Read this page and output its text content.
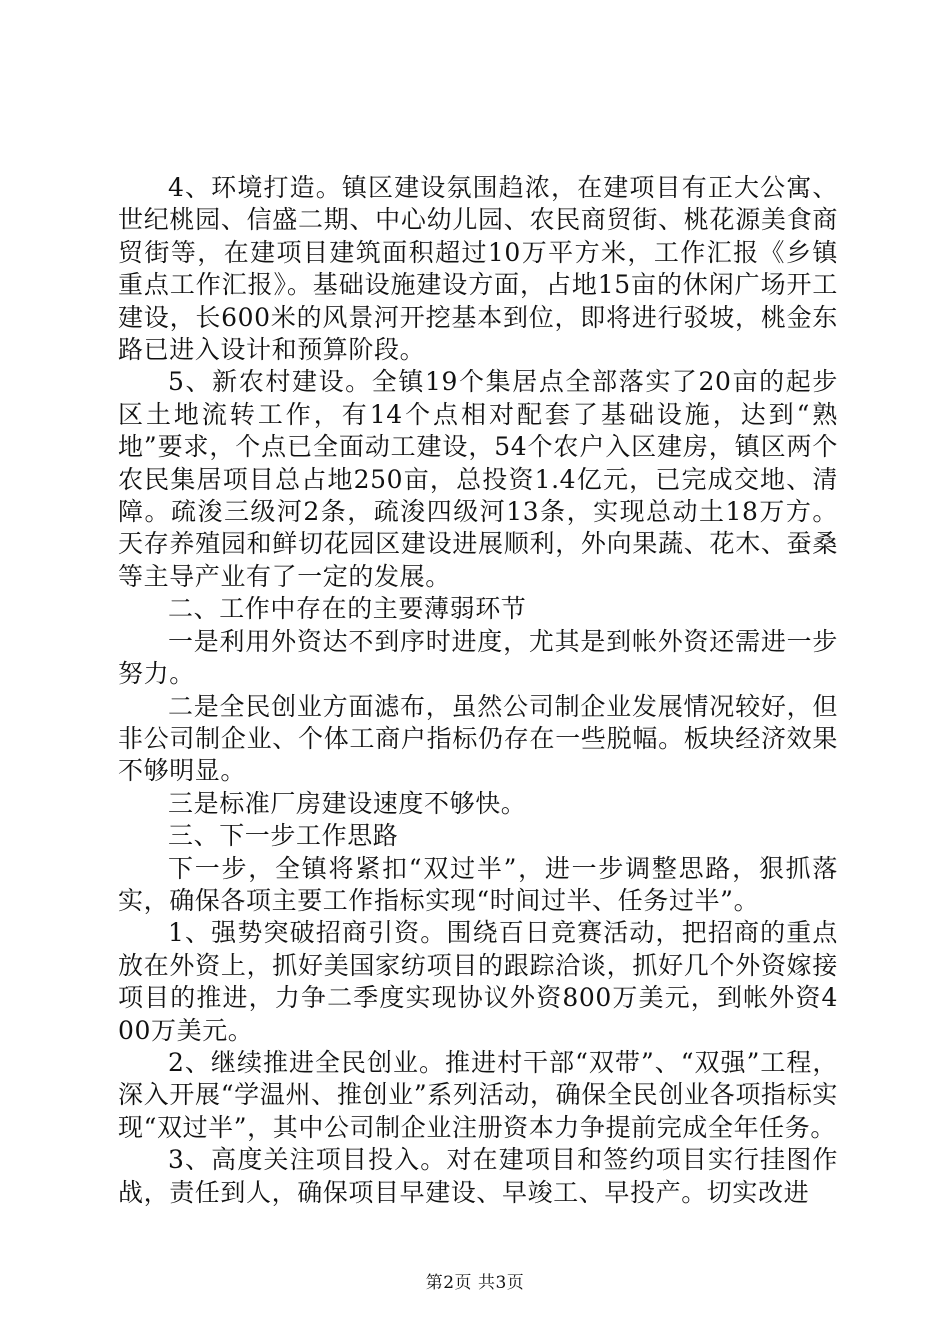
4、环境打造。镇区建设氛围趋浓，在建项目有正大公寓、世纪桃园、信盛二期、中心幼儿园、农民商贸街、桃花源美食商贸街等，在建项目建筑面积超过10万平方米，工作汇报《乡镇重点工作汇报》。基础设施建设方面，占地15亩的休闲广场开工建设，长600米的风景河开挖基本到位，即将进行驳坡，桃金东路已进入设计和预算阶段。

5、新农村建设。全镇19个集居点全部落实了20亩的起步区土地流转工作，有14个点相对配套了基础设施，达到“熟地”要求，个点已全面动工建设，54个农户入区建房，镇区两个农民集居项目总占地250亩，总投资1.4亿元，已完成交地、清障。疏浚三级河2条，疏浚四级河13条，实现总动土18万方。天存养殖园和鲜切花园区建设进展顺利，外向果蔬、花木、蚕桑等主导产业有了一定的发展。

二、工作中存在的主要薄弱环节

一是利用外资达不到序时进度，尤其是到帐外资还需进一步努力。

二是全民创业方面滤布，虽然公司制企业发展情况较好，但非公司制企业、个体工商户指标仍存在一些脱幅。板块经济效果不够明显。

三是标准厂房建设速度不够快。

三、下一步工作思路

下一步，全镇将紧扣“双过半”，进一步调整思路，狠抓落实，确保各项主要工作指标实现“时间过半、任务过半”。

1、强势突破招商引资。围绕百日竞赛活动，把招商的重点放在外资上，抓好美国家纺项目的跟踪洽谈，抓好几个外资嫁接项目的推进，力争二季度实现协议外资800万美元，到帐外资400万美元。

2、继续推进全民创业。推进村干部“双带”、“双强”工程，深入开展“学温州、推创业”系列活动，确保全民创业各项指标实现“双过半”，其中公司制企业注册资本力争提前完成全年任务。

3、高度关注项目投入。对在建项目和签约项目实行挂图作战，责任到人，确保项目早建设、早竣工、早投产。切实改进

第2页 共3页
